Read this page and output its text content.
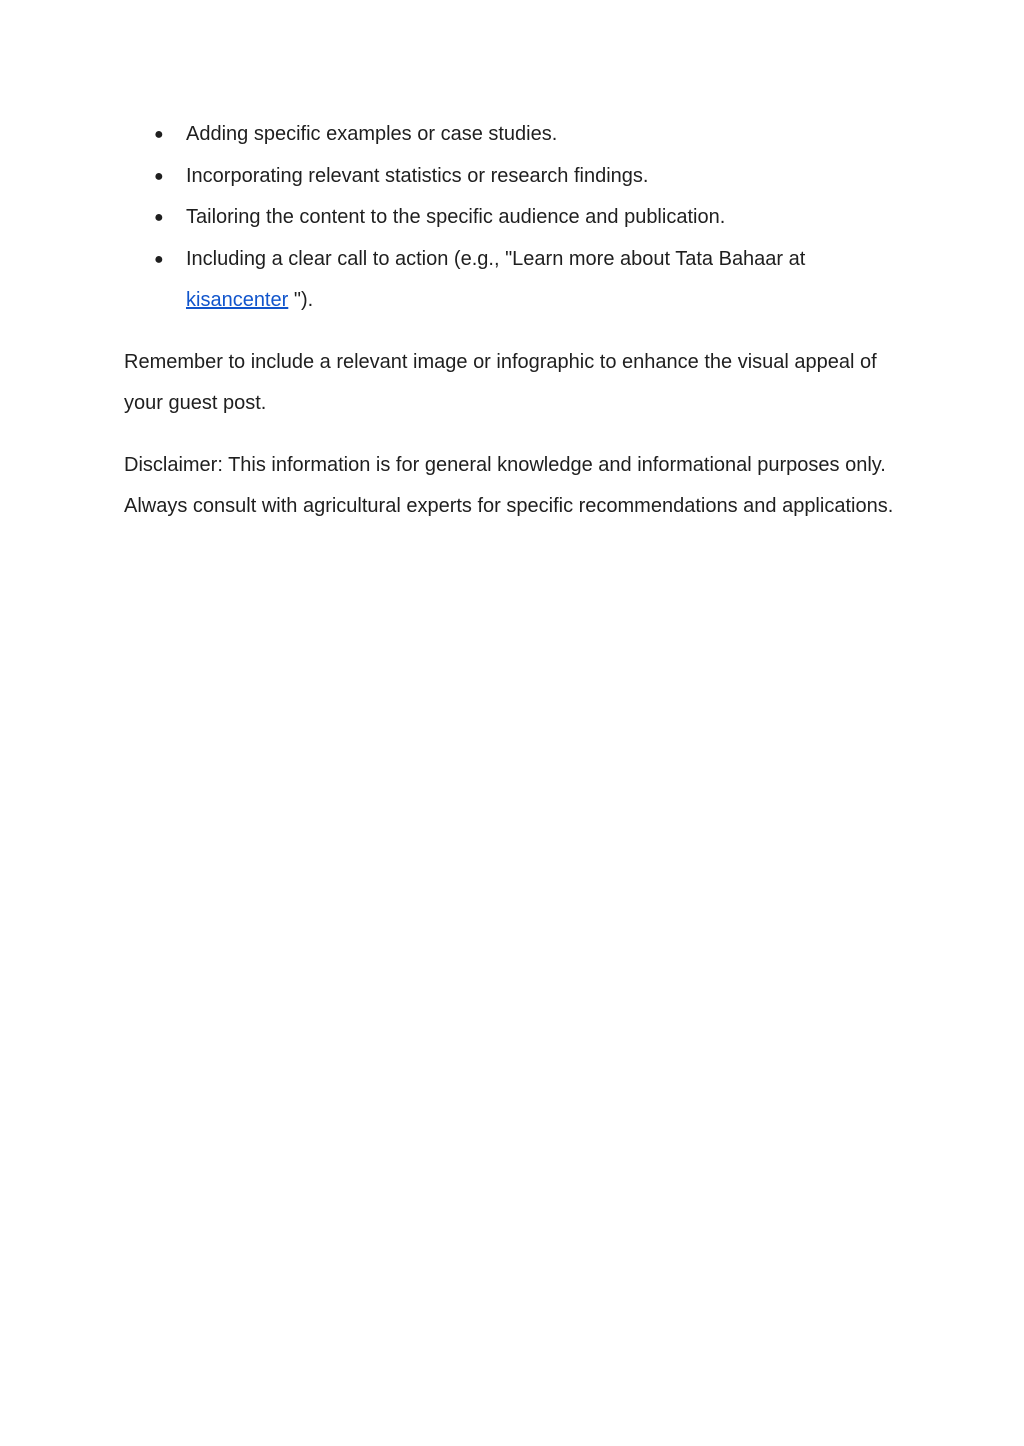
● Adding specific examples or case studies.
● Incorporating relevant statistics or research findings.
● Tailoring the content to the specific audience and publication.
● Including a clear call to action (e.g., "Learn more about Tata Bahaar at kisancenter ").

Remember to include a relevant image or infographic to enhance the visual appeal of your guest post.

Disclaimer: This information is for general knowledge and informational purposes only. Always consult with agricultural experts for specific recommendations and applications.
